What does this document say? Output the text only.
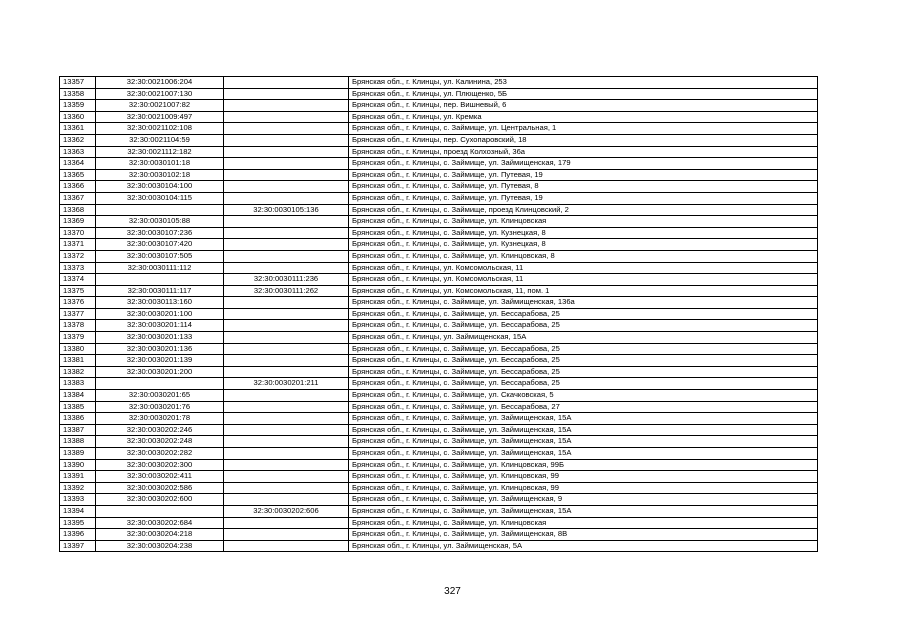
13357	32:30:0021006:204		Брянская обл., г. Клинцы, ул. Калинина, 253
13358	32:30:0021007:130		Брянская обл., г. Клинцы, ул. Плющенко, 5Б
13359	32:30:0021007:82		Брянская обл., г. Клинцы, пер. Вишневый, 6
13360	32:30:0021009:497		Брянская обл., г. Клинцы, ул. Кремка
13361	32:30:0021102:108		Брянская обл., г. Клинцы, с. Займище, ул. Центральная, 1
13362	32:30:0021104:59		Брянская обл., г. Клинцы, пер. Сухопаровский, 18
13363	32:30:0021112:182		Брянская обл., г. Клинцы, проезд Колхозный, 36а
13364	32:30:0030101:18		Брянская обл., г. Клинцы, с. Займище, ул. Займищенская, 179
13365	32:30:0030102:18		Брянская обл., г. Клинцы, с. Займище, ул. Путевая, 19
13366	32:30:0030104:100		Брянская обл., г. Клинцы, с. Займище, ул. Путевая, 8
13367	32:30:0030104:115		Брянская обл., г. Клинцы, с. Займище, ул. Путевая, 19
13368		32:30:0030105:136	Брянская обл., г. Клинцы, с. Займище, проезд Клинцовский, 2
13369	32:30:0030105:88		Брянская обл., г. Клинцы, с. Займище, ул. Клинцовская
13370	32:30:0030107:236		Брянская обл., г. Клинцы, с. Займище, ул. Кузнецкая, 8
13371	32:30:0030107:420		Брянская обл., г. Клинцы, с. Займище, ул. Кузнецкая, 8
13372	32:30:0030107:505		Брянская обл., г. Клинцы, с. Займище, ул. Клинцовская, 8
13373	32:30:0030111:112		Брянская обл., г. Клинцы, ул. Комсомольская, 11
13374		32:30:0030111:236	Брянская обл., г. Клинцы, ул. Комсомольская, 11
13375	32:30:0030111:117	32:30:0030111:262	Брянская обл., г. Клинцы, ул. Комсомольская, 11, пом. 1
13376	32:30:0030113:160		Брянская обл., г. Клинцы, с. Займище, ул. Займищенская, 136а
13377	32:30:0030201:100		Брянская обл., г. Клинцы, с. Займище, ул. Бессарабова, 25
13378	32:30:0030201:114		Брянская обл., г. Клинцы, с. Займище, ул. Бессарабова, 25
13379	32:30:0030201:133		Брянская обл., г. Клинцы, ул. Займищенская, 15А
13380	32:30:0030201:136		Брянская обл., г. Клинцы, с. Займище, ул. Бессарабова, 25
13381	32:30:0030201:139		Брянская обл., г. Клинцы, с. Займище, ул. Бессарабова, 25
13382	32:30:0030201:200		Брянская обл., г. Клинцы, с. Займище, ул. Бессарабова, 25
13383		32:30:0030201:211	Брянская обл., г. Клинцы, с. Займище, ул. Бессарабова, 25
13384	32:30:0030201:65		Брянская обл., г. Клинцы, с. Займище, ул. Скачковская, 5
13385	32:30:0030201:76		Брянская обл., г. Клинцы, с. Займище, ул. Бессарабова, 27
13386	32:30:0030201:78		Брянская обл., г. Клинцы, с. Займище, ул. Займищенская, 15А
13387	32:30:0030202:246		Брянская обл., г. Клинцы, с. Займище, ул. Займищенская, 15А
13388	32:30:0030202:248		Брянская обл., г. Клинцы, с. Займище, ул. Займищенская, 15А
13389	32:30:0030202:282		Брянская обл., г. Клинцы, с. Займище, ул. Займищенская, 15А
13390	32:30:0030202:300		Брянская обл., г. Клинцы, с. Займище, ул. Клинцовская, 99Б
13391	32:30:0030202:411		Брянская обл., г. Клинцы, с. Займище, ул. Клинцовская, 99
13392	32:30:0030202:586		Брянская обл., г. Клинцы, с. Займище, ул. Клинцовская, 99
13393	32:30:0030202:600		Брянская обл., г. Клинцы, с. Займище, ул. Займищенская, 9
13394		32:30:0030202:606	Брянская обл., г. Клинцы, с. Займище, ул. Займищенская, 15А
13395	32:30:0030202:684		Брянская обл., г. Клинцы, с. Займище, ул. Клинцовская
13396	32:30:0030204:218		Брянская обл., г. Клинцы, с. Займище, ул. Займищенская, 8В
13397	32:30:0030204:238		Брянская обл., г. Клинцы, ул. Займищенская, 5А
327
